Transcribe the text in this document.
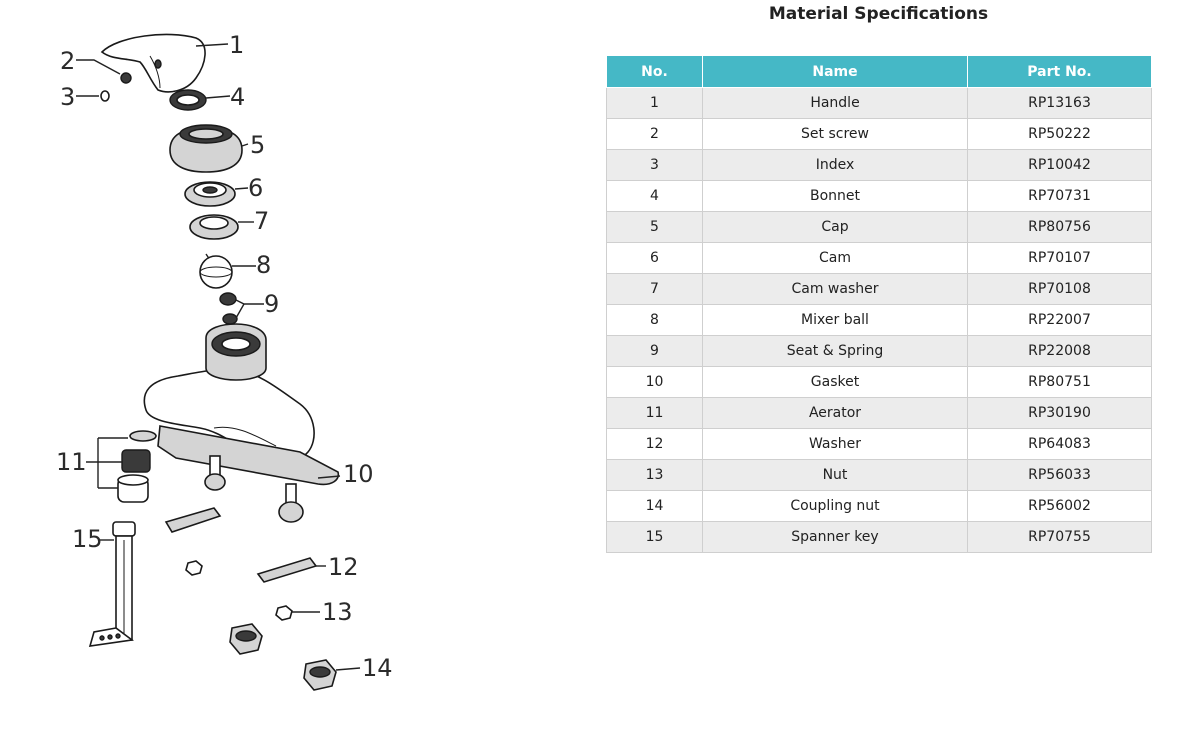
1
2
3	4
5
6
7
8
9
10
11
12
13
14
15
Material Specifications
No.	Name	Part No.
1	Handle	RP13163
2	Set screw	RP50222
3	Index	RP10042
4	Bonnet	RP70731
5	Cap	RP80756
6	Cam	RP70107
7	Cam washer	RP70108
8	Mixer ball	RP22007
9	Seat & Spring	RP22008
10	Gasket	RP80751
11	Aerator	RP30190
12	Washer	RP64083
13	Nut	RP56033
14	Coupling nut	RP56002
15	Spanner key	RP70755
